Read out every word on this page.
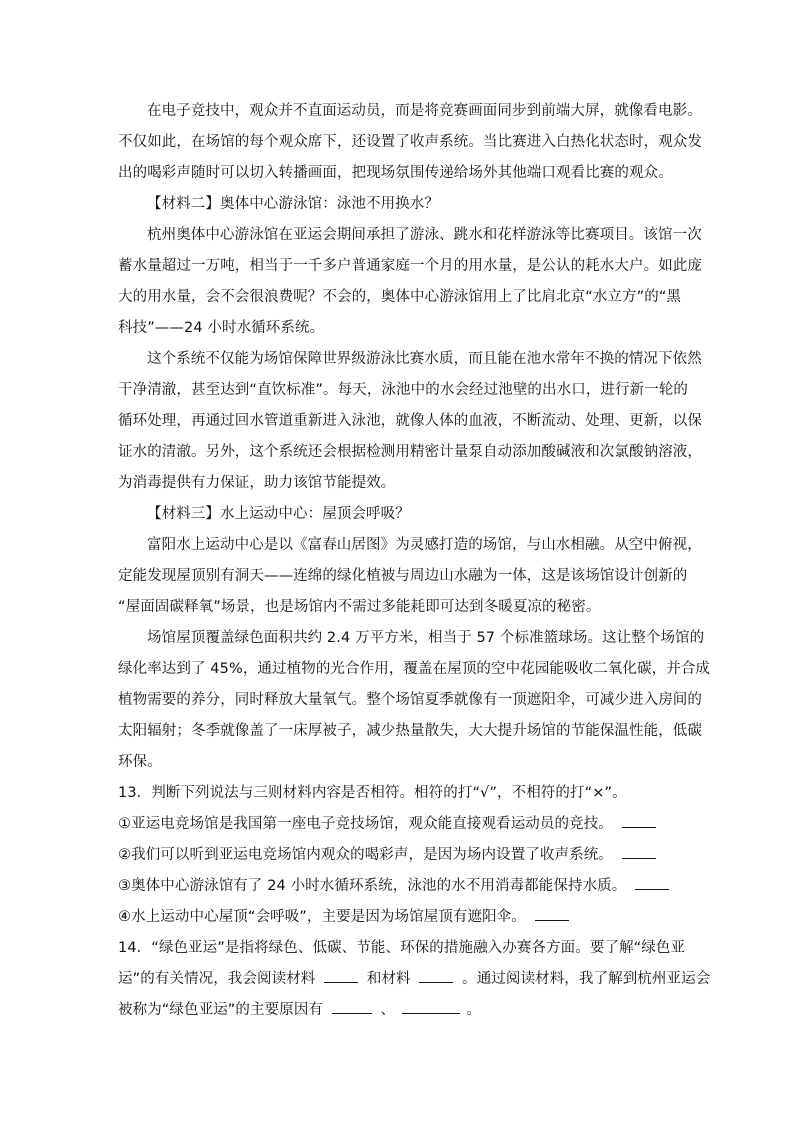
在电子竞技中，观众并不直面运动员，而是将竞赛画面同步到前端大屏，就像看电影。
不仅如此，在场馆的每个观众席下，还设置了收声系统。当比赛进入白热化状态时，观众发
出的喝彩声随时可以切入转播画面，把现场氛围传递给场外其他端口观看比赛的观众。
【材料二】奥体中心游泳馆：泳池不用换水？
杭州奥体中心游泳馆在亚运会期间承担了游泳、跳水和花样游泳等比赛项目。该馆一次
蓄水量超过一万吨，相当于一千多户普通家庭一个月的用水量，是公认的耗水大户。如此庞
大的用水量，会不会很浪费呢？不会的，奥体中心游泳馆用上了比肩北京“水立方”的“黑
科技”——24 小时水循环系统。
这个系统不仅能为场馆保障世界级游泳比赛水质，而且能在池水常年不换的情况下依然
干净清澈，甚至达到“直饮标准”。每天，泳池中的水会经过池壁的出水口，进行新一轮的
循环处理，再通过回水管道重新进入泳池，就像人体的血液，不断流动、处理、更新，以保
证水的清澈。另外，这个系统还会根据检测用精密计量泵自动添加酸碱液和次氯酸钠溶液，
为消毒提供有力保证，助力该馆节能提效。
【材料三】水上运动中心：屋顶会呼吸？
富阳水上运动中心是以《富春山居图》为灵感打造的场馆，与山水相融。从空中俯视，
定能发现屋顶别有洞天——连绵的绿化植被与周边山水融为一体，这是该场馆设计创新的
“屋面固碳释氧”场景，也是场馆内不需过多能耗即可达到冬暖夏凉的秘密。
场馆屋顶覆盖绿色面积共约 2.4 万平方米，相当于 57 个标准篮球场。这让整个场馆的
绿化率达到了 45%，通过植物的光合作用，覆盖在屋顶的空中花园能吸收二氧化碳，并合成
植物需要的养分，同时释放大量氧气。整个场馆夏季就像有一顶遮阳伞，可减少进入房间的
太阳辐射；冬季就像盖了一床厚被子，减少热量散失，大大提升场馆的节能保温性能，低碳
环保。
13．判断下列说法与三则材料内容是否相符。相符的打“√”，不相符的打“×”。
①亚运电竞场馆是我国第一座电子竞技场馆，观众能直接观看运动员的竞技。
②我们可以听到亚运电竞场馆内观众的喝彩声，是因为场内设置了收声系统。
③奥体中心游泳馆有了 24 小时水循环系统，泳池的水不用消毒都能保持水质。
④水上运动中心屋顶“会呼吸”，主要是因为场馆屋顶有遮阳伞。
14．“绿色亚运”是指将绿色、低碳、节能、环保的措施融入办赛各方面。要了解“绿色亚
运”的有关情况，我会阅读材料	和材料	。通过阅读材料，我了解到杭州亚运会
被称为“绿色亚运”的主要原因有	、	。
